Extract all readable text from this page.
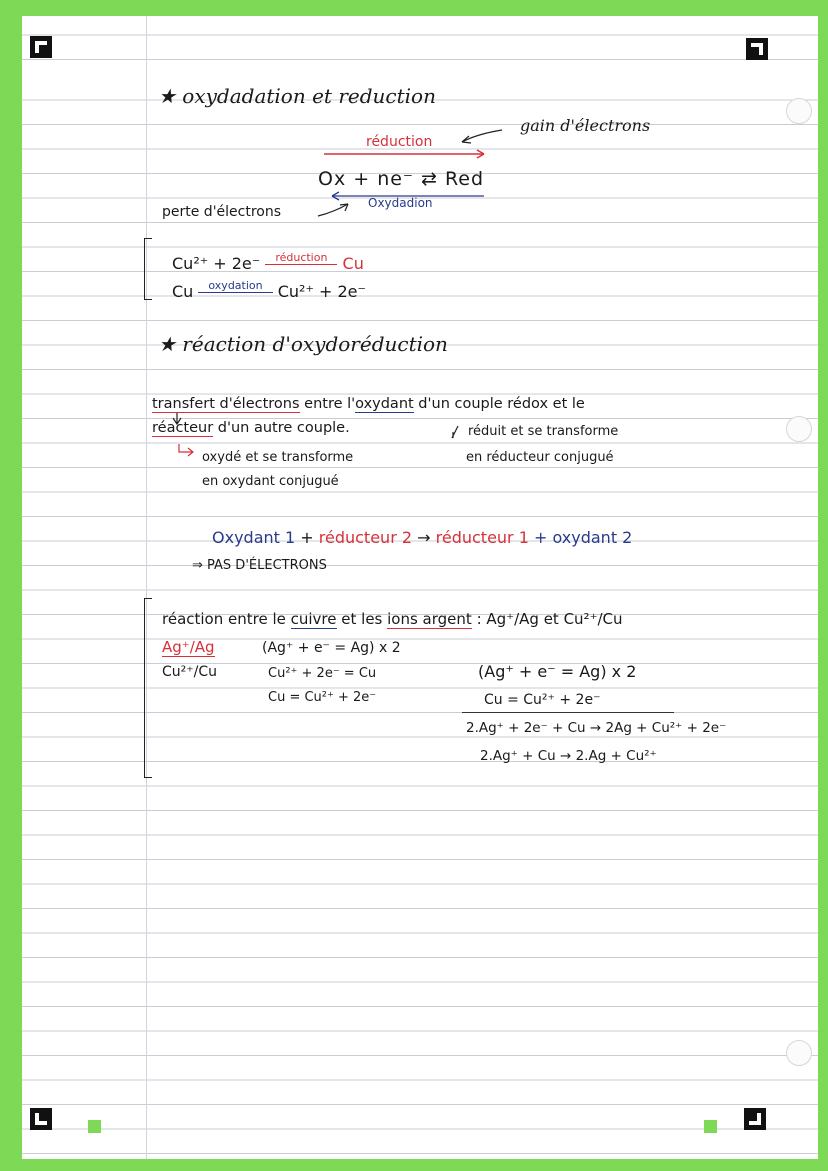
★ oxydadation et reduction
gain d'électrons
réduction
Ox + ne⁻ ⇄ Red
Oxydadion
perte d'électrons
Cu²⁺ + 2e⁻ $^{réduction}$ Cu
Cu $^{oxydation}$ Cu²⁺ + 2e⁻
★ réaction d'oxydoréduction
transfert d'électrons entre l'oxydant d'un couple rédox et le
réacteur d'un autre couple.	réduit et se transforme
en réducteur conjugué
oxydé et se transforme
en oxydant conjugué
Oxydant 1 + réducteur 2 → réducteur 1 + oxydant 2
⇒ PAS D'ÉLECTRONS
réaction entre le cuivre et les ions argent : Ag⁺/Ag et Cu²⁺/Cu
Ag⁺/Ag
Cu²⁺/Cu
(Ag⁺ + e⁻ = Ag) x 2
Cu²⁺ + 2e⁻ = Cu
Cu = Cu²⁺ + 2e⁻
(Ag⁺ + e⁻ = Ag) x 2
Cu = Cu²⁺ + 2e⁻
2.Ag⁺ + 2e⁻ + Cu → 2Ag + Cu²⁺ + 2e⁻
2.Ag⁺ + Cu → 2.Ag + Cu²⁺
